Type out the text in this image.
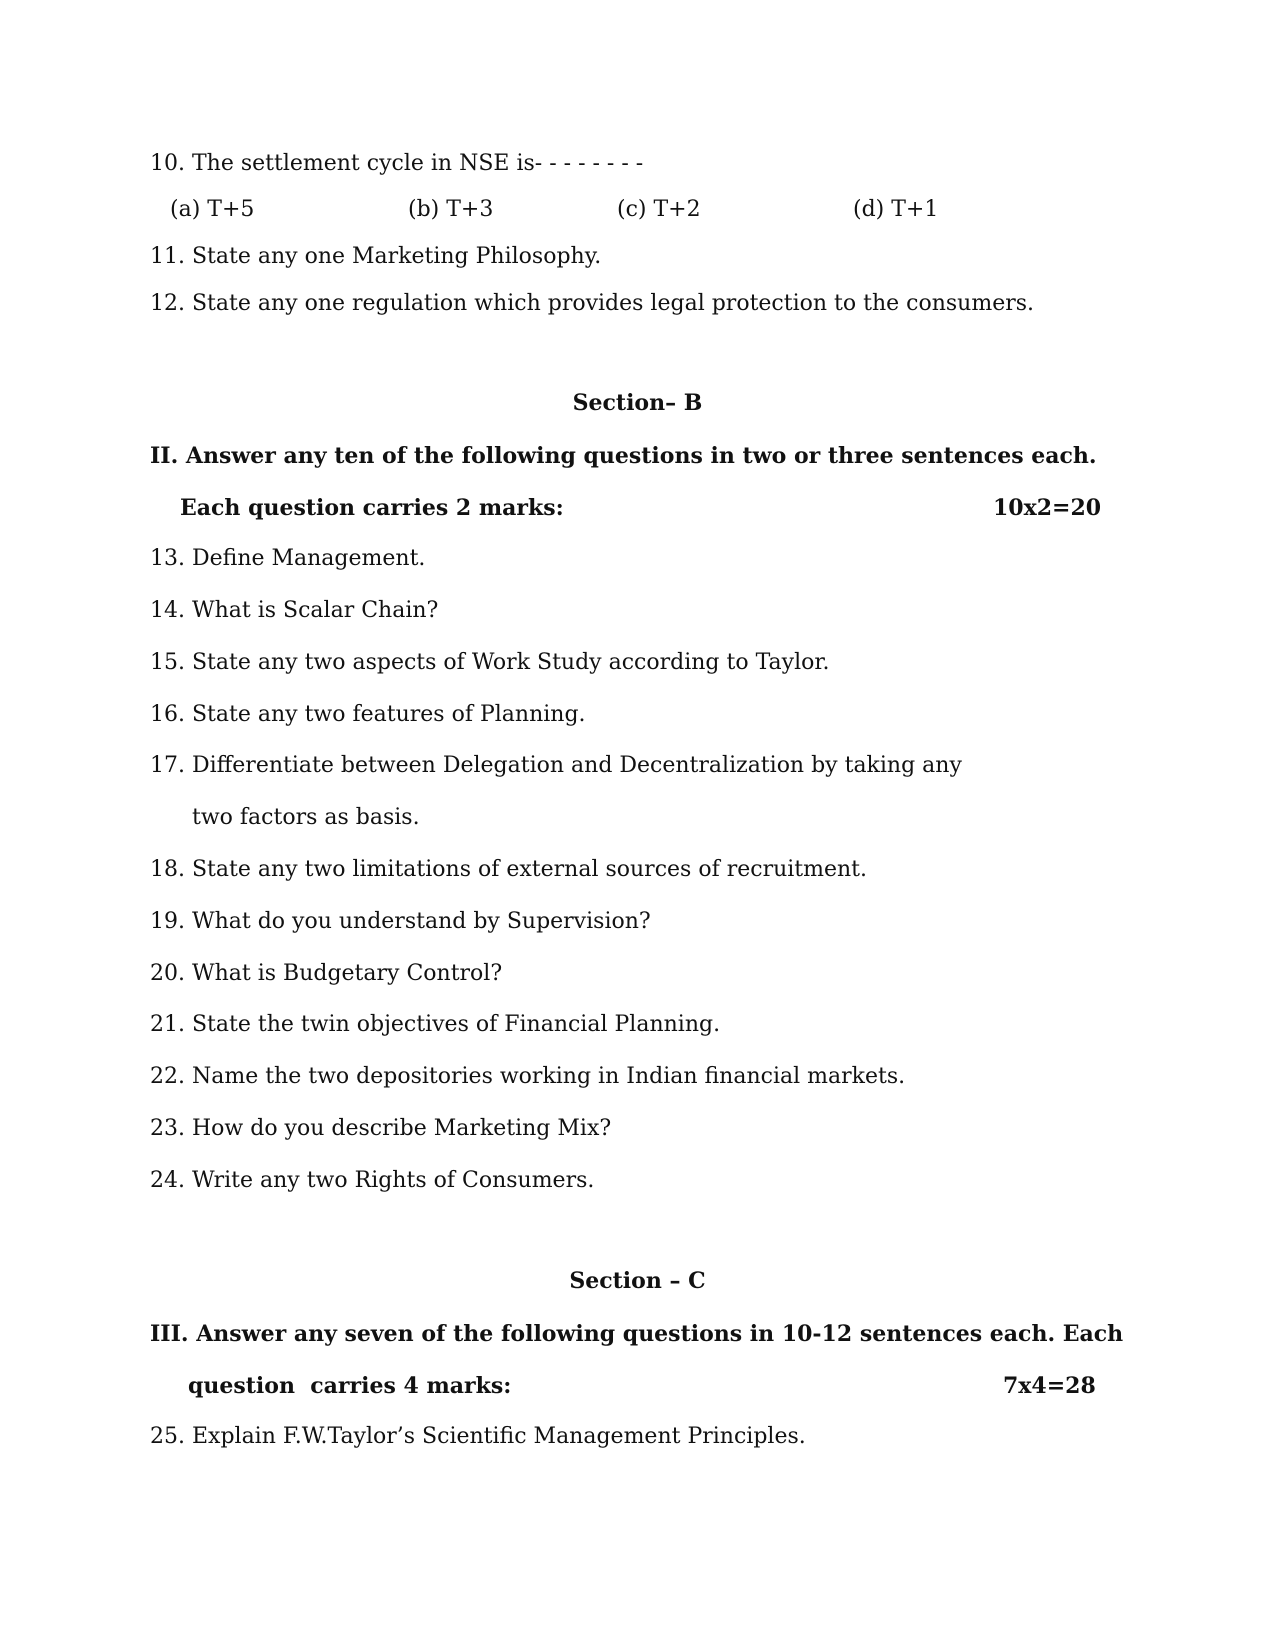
10. The settlement cycle in NSE is- - - - - - - -
(a) T+5	(b) T+3	(c) T+2	(d) T+1
11. State any one Marketing Philosophy.
12. State any one regulation which provides legal protection to the consumers.
Section– B
II. Answer any ten of the following questions in two or three sentences each.
Each question carries 2 marks:	10x2=20
13. Define Management.
14. What is Scalar Chain?
15. State any two aspects of Work Study according to Taylor.
16. State any two features of Planning.
17. Differentiate between Delegation and Decentralization by taking any
two factors as basis.
18. State any two limitations of external sources of recruitment.
19. What do you understand by Supervision?
20. What is Budgetary Control?
21. State the twin objectives of Financial Planning.
22. Name the two depositories working in Indian financial markets.
23. How do you describe Marketing Mix?
24. Write any two Rights of Consumers.
Section – C
III. Answer any seven of the following questions in 10-12 sentences each. Each
question  carries 4 marks:	7x4=28
25. Explain F.W.Taylor’s Scientific Management Principles.
